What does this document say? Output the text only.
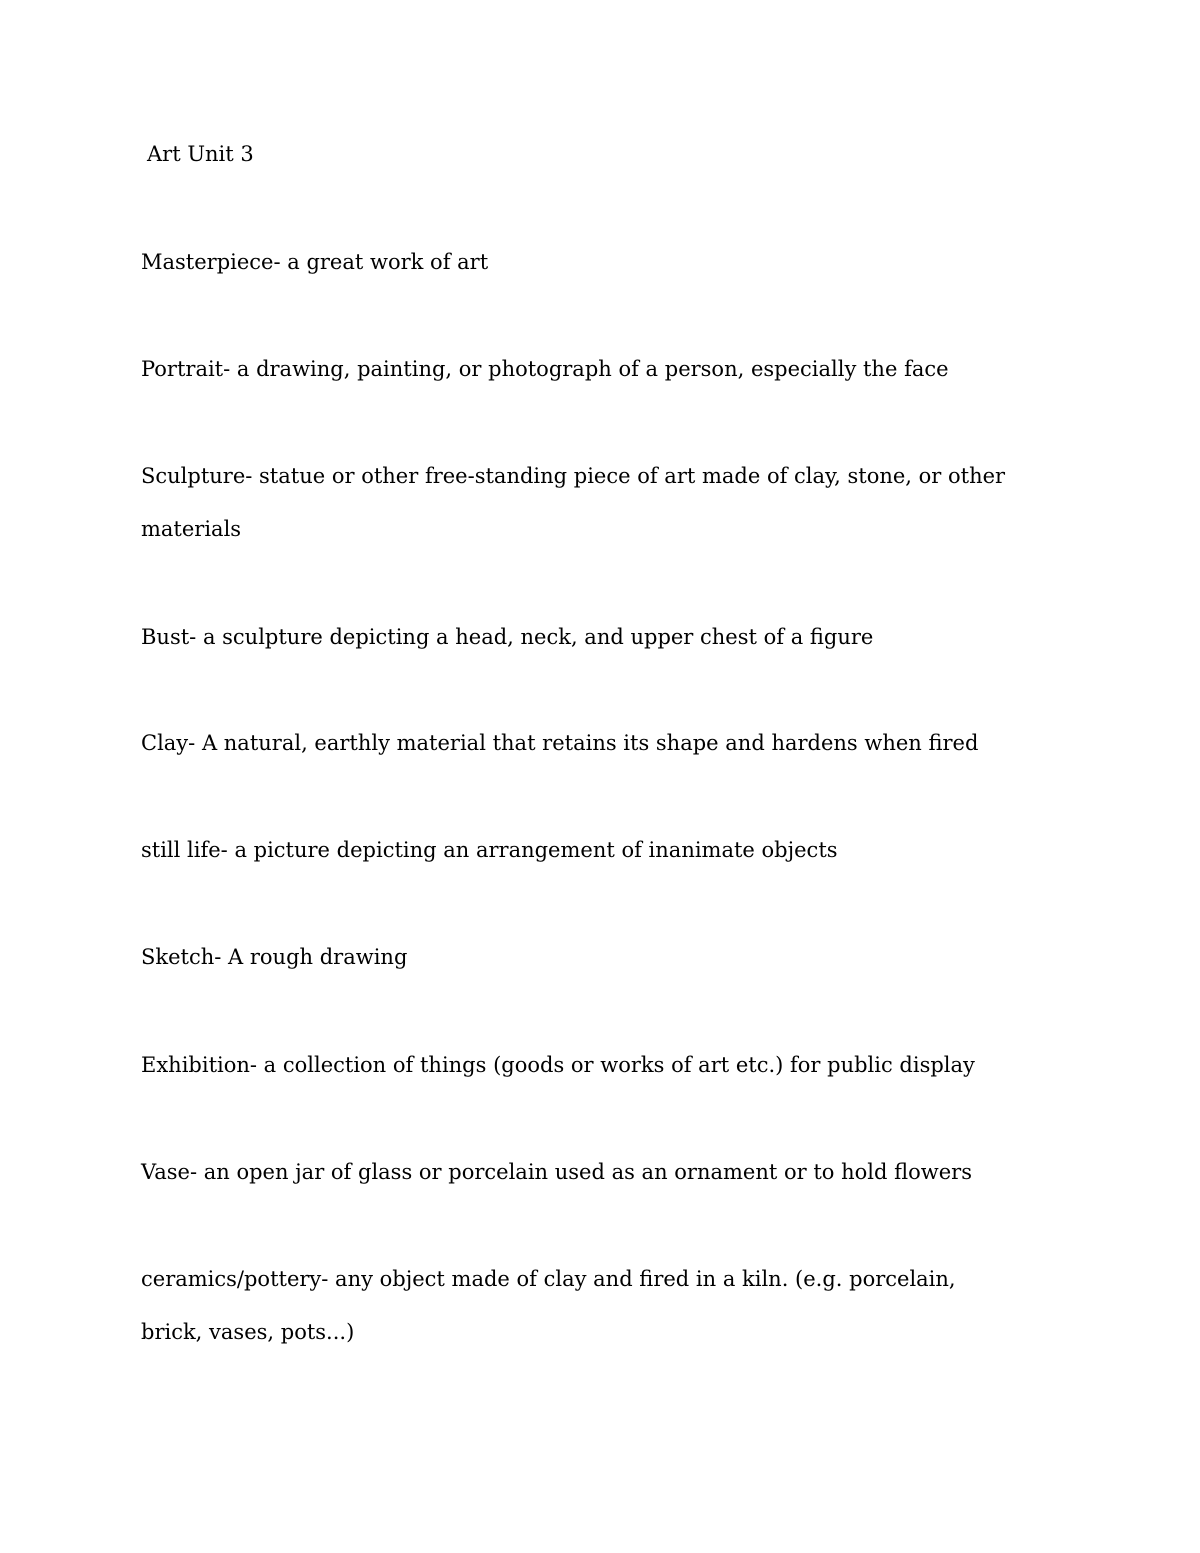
Art Unit 3
Masterpiece- a great work of art
Portrait- a drawing, painting, or photograph of a person, especially the face
Sculpture- statue or other free-standing piece of art made of clay, stone, or other materials
Bust- a sculpture depicting a head, neck, and upper chest of a figure
Clay- A natural, earthly material that retains its shape and hardens when fired
still life- a picture depicting an arrangement of inanimate objects
Sketch- A rough drawing
Exhibition- a collection of things (goods or works of art etc.) for public display
Vase- an open jar of glass or porcelain used as an ornament or to hold flowers
ceramics/pottery- any object made of clay and fired in a kiln. (e.g. porcelain, brick, vases, pots...)
